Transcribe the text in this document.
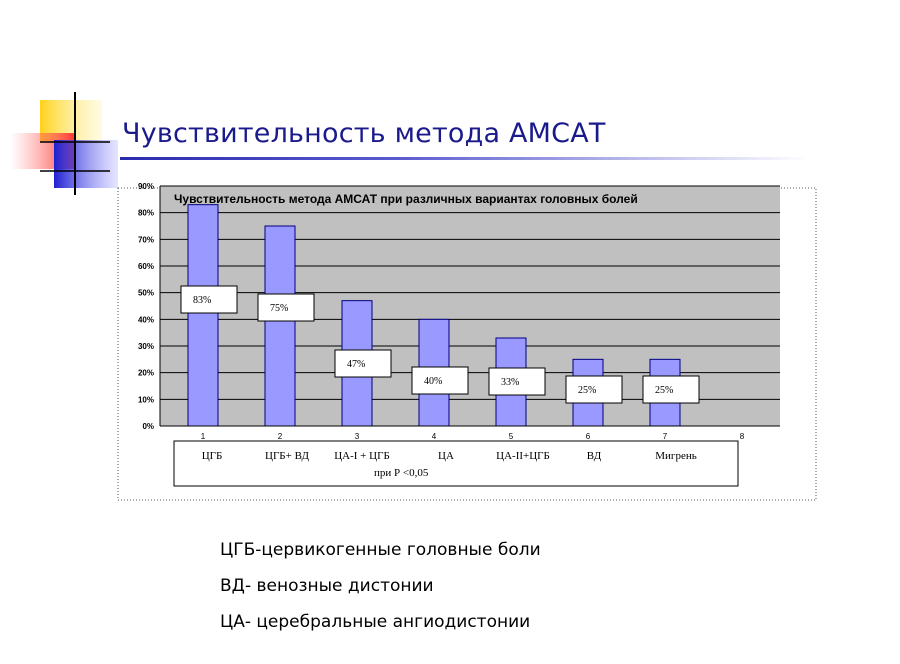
Чувствительность метода АМСАТ
0%
10%
20%
30%
40%
50%
60%
70%
80%
90%
1	2	3	4	5	6	7	8
83%
75%
47%
40%	33%
25%	25%
Чувствительность метода АМСАТ при различных вариантах головных болей
ЦГБ	ЦГБ+ ВД ЦА-I + ЦГБ	ЦА	ЦА-II+ЦГБ	ВД	Мигрень
при Р <0,05
ЦГБ-цервикогенные головные боли
ВД- венозные дистонии
ЦА- церебральные ангиодистонии
